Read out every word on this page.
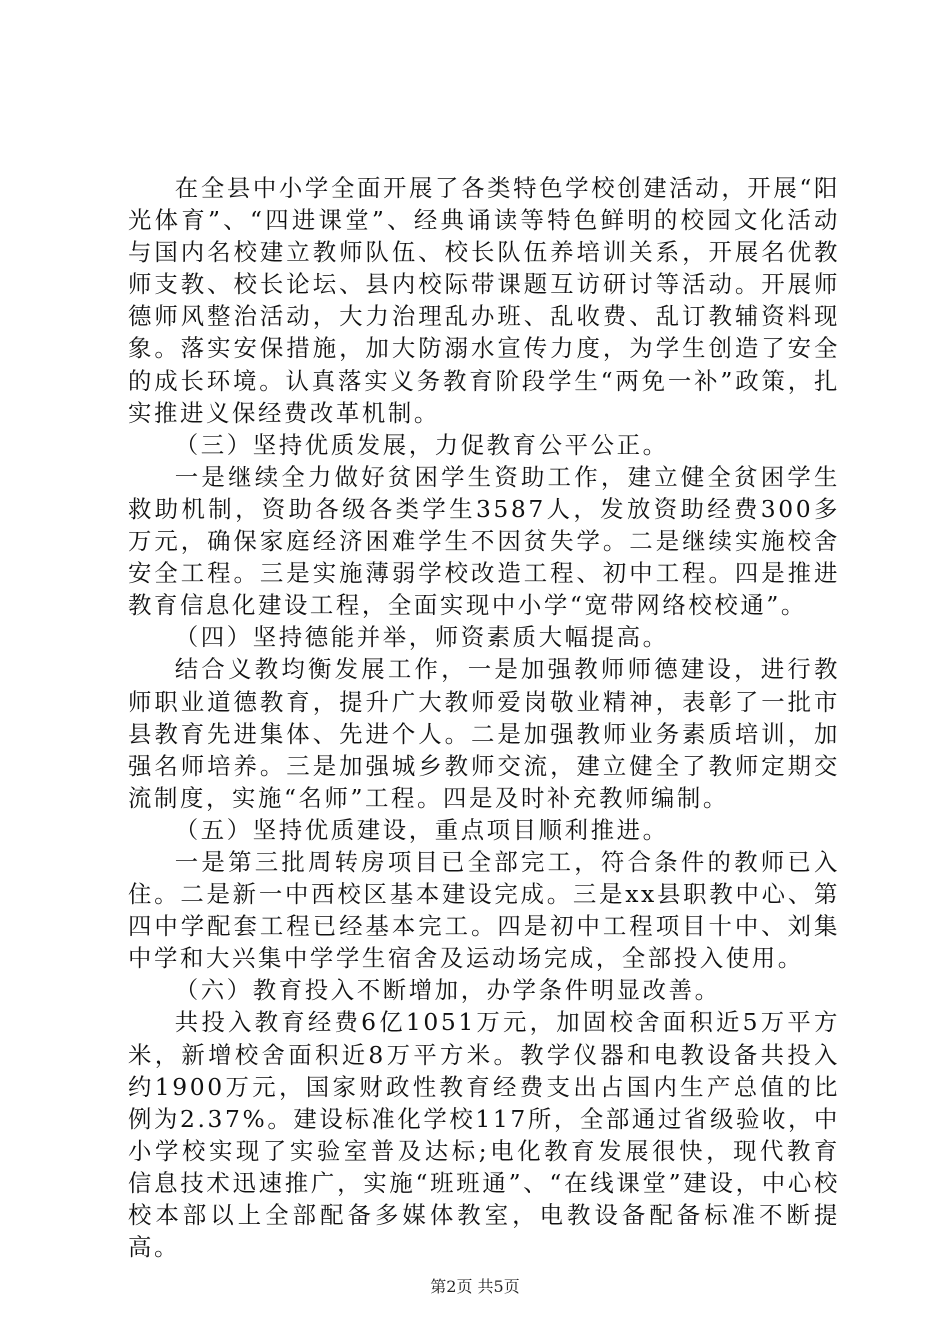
在全县中小学全面开展了各类特色学校创建活动，开展“阳光体育”、“四进课堂”、经典诵读等特色鲜明的校园文化活动与国内名校建立教师队伍、校长队伍养培训关系，开展名优教师支教、校长论坛、县内校际带课题互访研讨等活动。开展师德师风整治活动，大力治理乱办班、乱收费、乱订教辅资料现象。落实安保措施，加大防溺水宣传力度，为学生创造了安全的成长环境。认真落实义务教育阶段学生“两免一补”政策，扎实推进义保经费改革机制。

（三）坚持优质发展，力促教育公平公正。

一是继续全力做好贫困学生资助工作，建立健全贫困学生救助机制，资助各级各类学生3587人，发放资助经费300多万元，确保家庭经济困难学生不因贫失学。二是继续实施校舍安全工程。三是实施薄弱学校改造工程、初中工程。四是推进教育信息化建设工程，全面实现中小学“宽带网络校校通”。

（四）坚持德能并举，师资素质大幅提高。

结合义教均衡发展工作，一是加强教师师德建设，进行教师职业道德教育，提升广大教师爱岗敬业精神，表彰了一批市县教育先进集体、先进个人。二是加强教师业务素质培训，加强名师培养。三是加强城乡教师交流，建立健全了教师定期交流制度，实施“名师”工程。四是及时补充教师编制。

（五）坚持优质建设，重点项目顺利推进。

一是第三批周转房项目已全部完工，符合条件的教师已入住。二是新一中西校区基本建设完成。三是xx县职教中心、第四中学配套工程已经基本完工。四是初中工程项目十中、刘集中学和大兴集中学学生宿舍及运动场完成，全部投入使用。

（六）教育投入不断增加，办学条件明显改善。

共投入教育经费6亿1051万元，加固校舍面积近5万平方米，新增校舍面积近8万平方米。教学仪器和电教设备共投入约1900万元，国家财政性教育经费支出占国内生产总值的比例为2.37%。建设标准化学校117所，全部通过省级验收，中小学校实现了实验室普及达标;电化教育发展很快，现代教育信息技术迅速推广，实施“班班通”、“在线课堂”建设，中心校校本部以上全部配备多媒体教室，电教设备配备标准不断提高。

第2页 共5页
